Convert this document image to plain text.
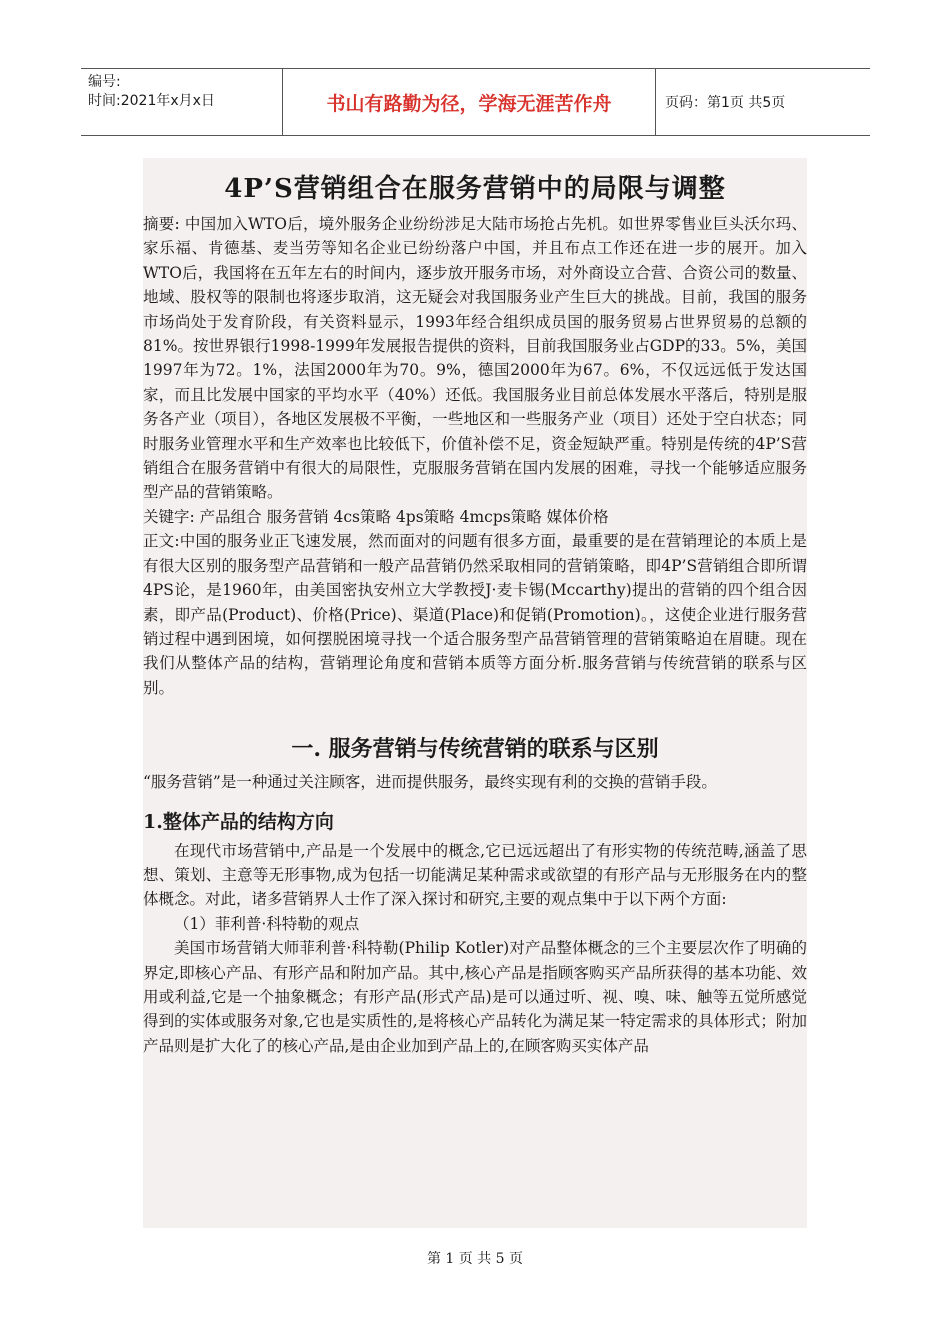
编号:
时间:2021年x月x日	书山有路勤为径，学海无涯苦作舟	页码：第1页 共5页
4P’S营销组合在服务营销中的局限与调整
摘要: 中国加入WTO后，境外服务企业纷纷涉足大陆市场抢占先机。如世界零售业巨头沃尔玛、家乐福、肯德基、麦当劳等知名企业已纷纷落户中国，并且布点工作还在进一步的展开。加入WTO后，我国将在五年左右的时间内，逐步放开服务市场，对外商设立合营、合资公司的数量、地域、股权等的限制也将逐步取消，这无疑会对我国服务业产生巨大的挑战。目前，我国的服务市场尚处于发育阶段，有关资料显示，1993年经合组织成员国的服务贸易占世界贸易的总额的81%。按世界银行1998-1999年发展报告提供的资料，目前我国服务业占GDP的33。5%，美国1997年为72。1%，法国2000年为70。9%，德国2000年为67。6%，不仅远远低于发达国家，而且比发展中国家的平均水平（40%）还低。我国服务业目前总体发展水平落后，特别是服务各产业（项目），各地区发展极不平衡，一些地区和一些服务产业（项目）还处于空白状态；同时服务业管理水平和生产效率也比较低下，价值补偿不足，资金短缺严重。特别是传统的4P’S营销组合在服务营销中有很大的局限性，克服服务营销在国内发展的困难，寻找一个能够适应服务型产品的营销策略。
关键字: 产品组合 服务营销 4cs策略 4ps策略 4mcps策略 媒体价格
正文:中国的服务业正飞速发展，然而面对的问题有很多方面，最重要的是在营销理论的本质上是有很大区别的服务型产品营销和一般产品营销仍然采取相同的营销策略，即4P’S营销组合即所谓4PS论，是1960年，由美国密执安州立大学教授J·麦卡锡(Mccarthy)提出的营销的四个组合因素，即产品(Product)、价格(Price)、渠道(Place)和促销(Promotion)。，这使企业进行服务营销过程中遇到困境，如何摆脱困境寻找一个适合服务型产品营销管理的营销策略迫在眉睫。现在我们从整体产品的结构，营销理论角度和营销本质等方面分析.服务营销与传统营销的联系与区别。
一. 服务营销与传统营销的联系与区别
“服务营销”是一种通过关注顾客，进而提供服务，最终实现有利的交换的营销手段。
1.整体产品的结构方向
在现代市场营销中,产品是一个发展中的概念,它已远远超出了有形实物的传统范畴,涵盖了思想、策划、主意等无形事物,成为包括一切能满足某种需求或欲望的有形产品与无形服务在内的整体概念。对此，诸多营销界人士作了深入探讨和研究,主要的观点集中于以下两个方面:
（1）菲利普·科特勒的观点
美国市场营销大师菲利普·科特勒(Philip Kotler)对产品整体概念的三个主要层次作了明确的界定,即核心产品、有形产品和附加产品。其中,核心产品是指顾客购买产品所获得的基本功能、效用或利益,它是一个抽象概念；有形产品(形式产品)是可以通过听、视、嗅、味、触等五觉所感觉得到的实体或服务对象,它也是实质性的,是将核心产品转化为满足某一特定需求的具体形式；附加产品则是扩大化了的核心产品,是由企业加到产品上的,在顾客购买实体产品
第 1 页 共 5 页
